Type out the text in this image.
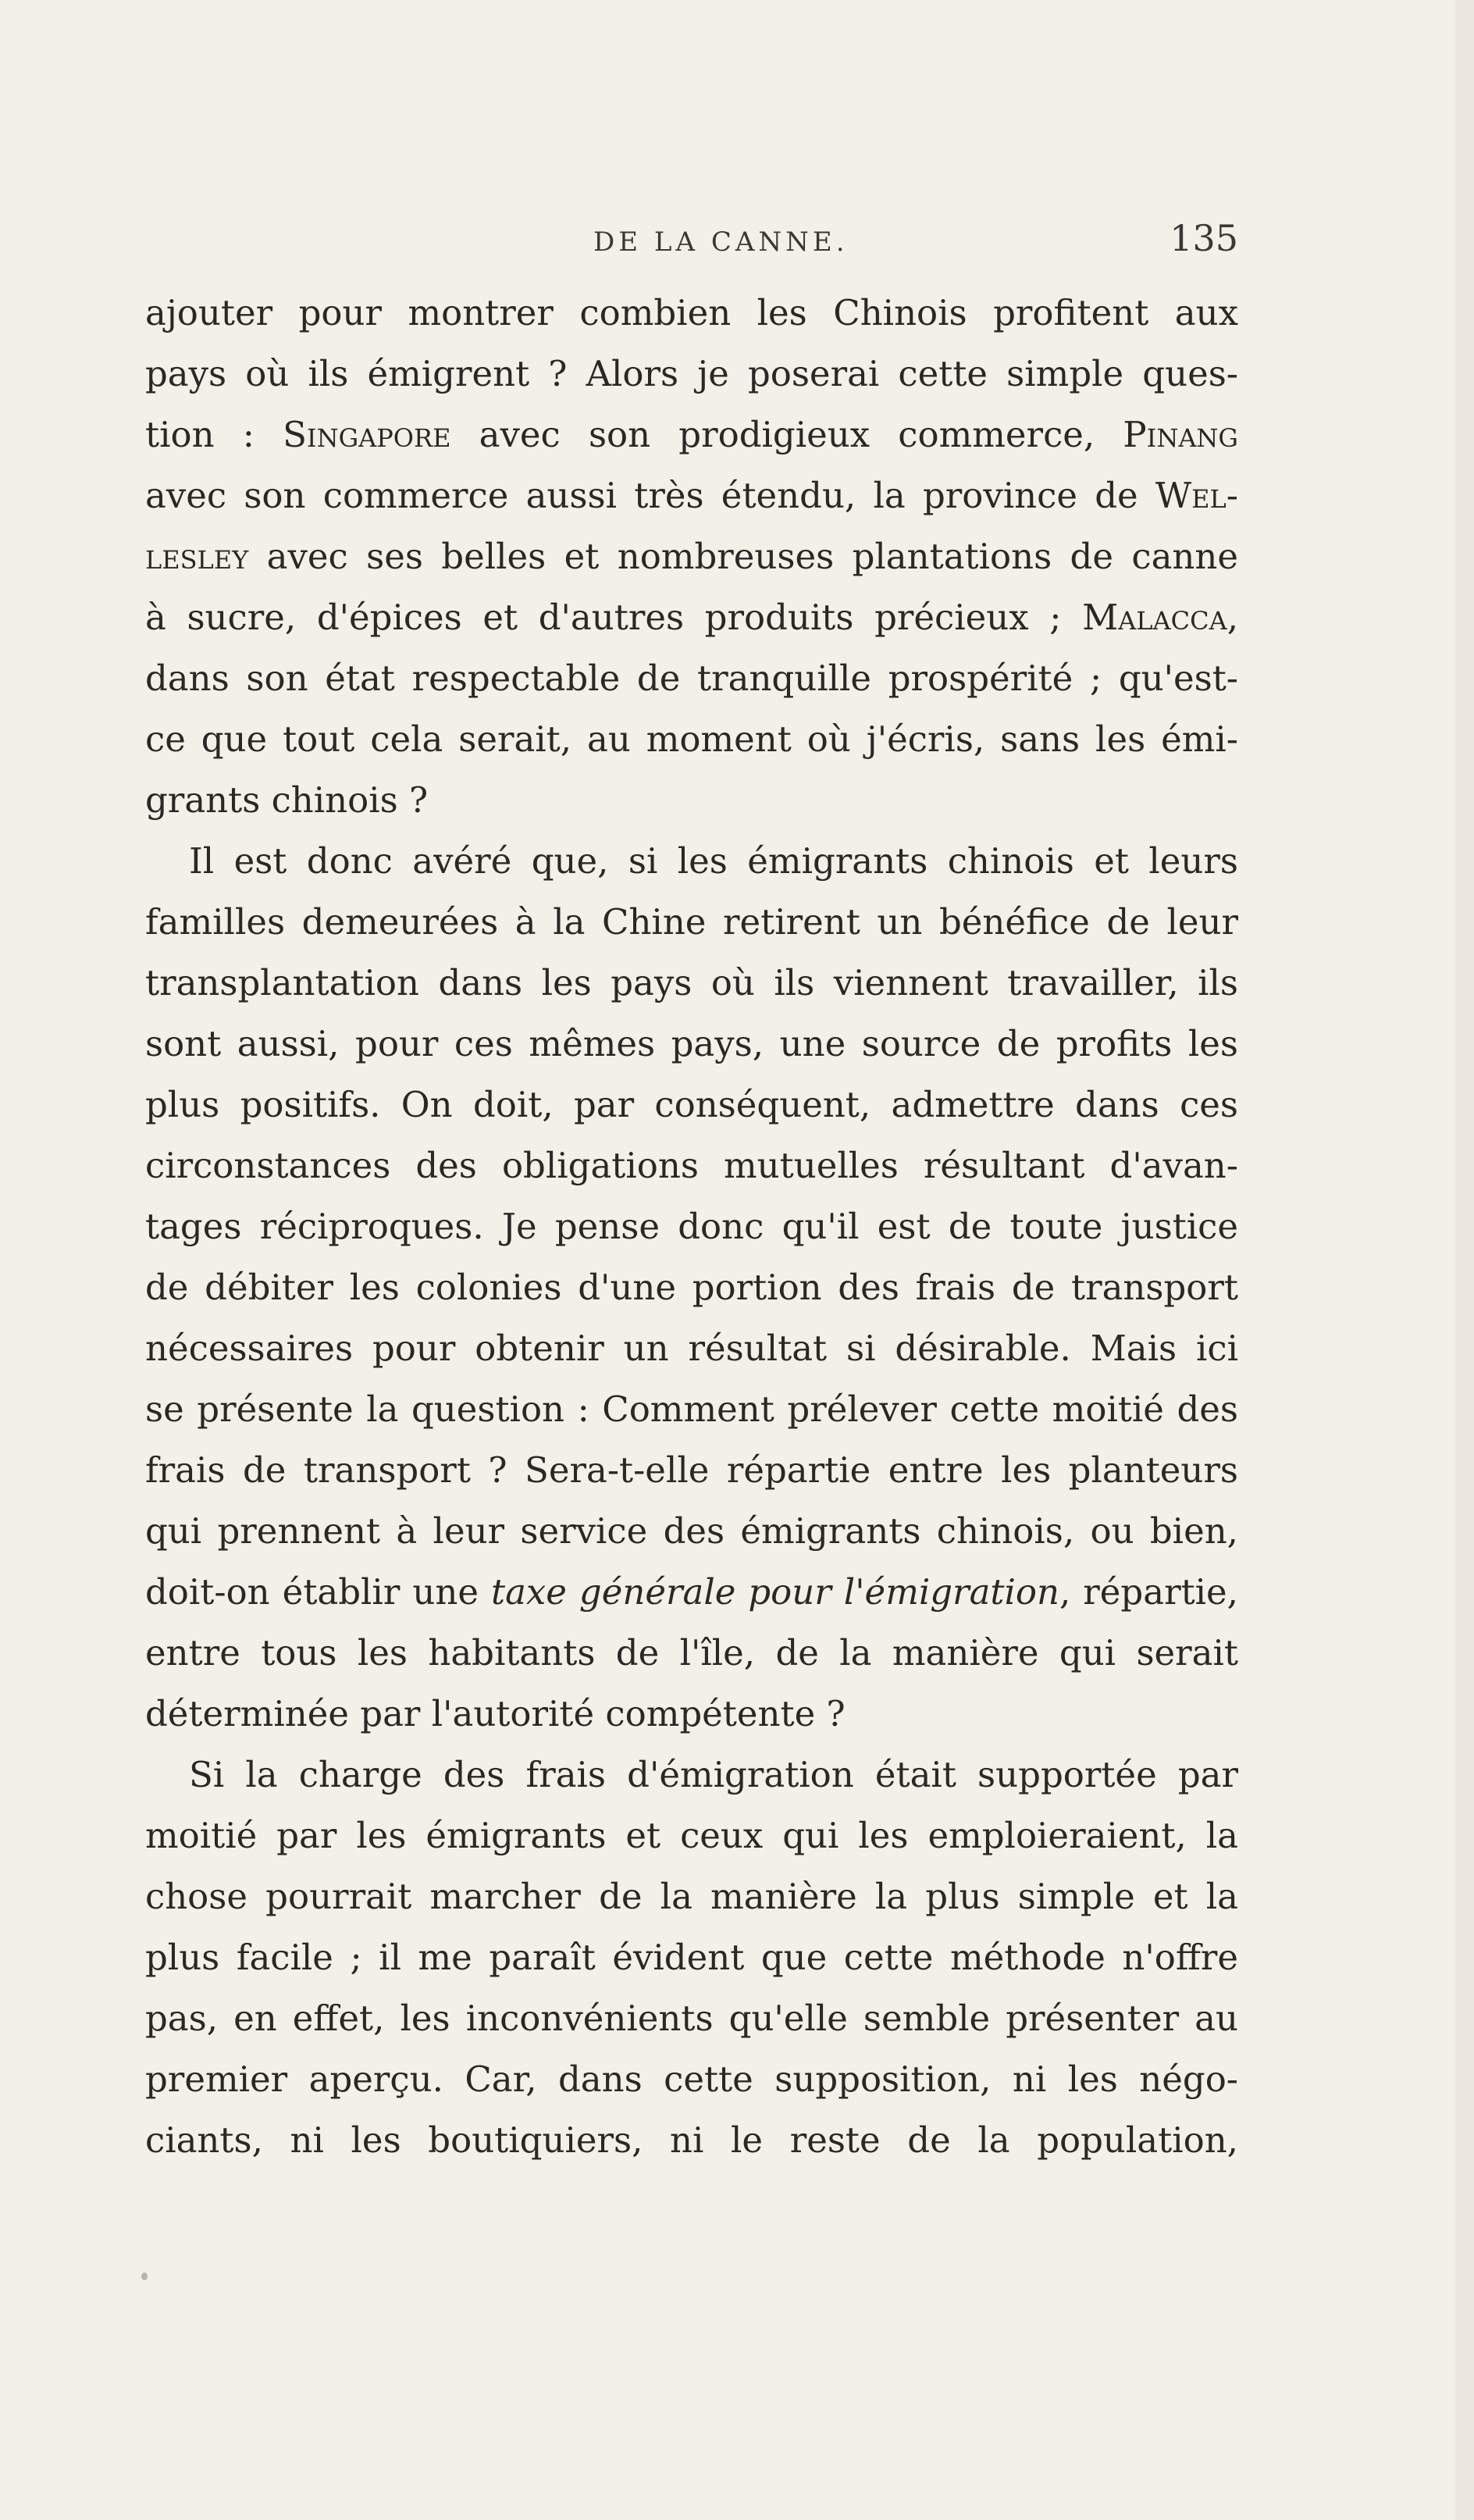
DE LA CANNE.	135
ajouter pour montrer combien les Chinois profitent aux
pays où ils émigrent ? Alors je poserai cette simple ques-
tion : Singapore avec son prodigieux commerce, Pinang
avec son commerce aussi très étendu, la province de Wel-
lesley avec ses belles et nombreuses plantations de canne
à sucre, d'épices et d'autres produits précieux ; Malacca,
dans son état respectable de tranquille prospérité ; qu'est-
ce que tout cela serait, au moment où j'écris, sans les émi-
grants chinois ?
Il est donc avéré que, si les émigrants chinois et leurs
familles demeurées à la Chine retirent un bénéfice de leur
transplantation dans les pays où ils viennent travailler, ils
sont aussi, pour ces mêmes pays, une source de profits les
plus positifs. On doit, par conséquent, admettre dans ces
circonstances des obligations mutuelles résultant d'avan-
tages réciproques. Je pense donc qu'il est de toute justice
de débiter les colonies d'une portion des frais de transport
nécessaires pour obtenir un résultat si désirable. Mais ici
se présente la question : Comment prélever cette moitié des
frais de transport ? Sera-t-elle répartie entre les planteurs
qui prennent à leur service des émigrants chinois, ou bien,
doit-on établir une taxe générale pour l'émigration, répartie,
entre tous les habitants de l'île, de la manière qui serait
déterminée par l'autorité compétente ?
Si la charge des frais d'émigration était supportée par
moitié par les émigrants et ceux qui les emploieraient, la
chose pourrait marcher de la manière la plus simple et la
plus facile ; il me paraît évident que cette méthode n'offre
pas, en effet, les inconvénients qu'elle semble présenter au
premier aperçu. Car, dans cette supposition, ni les négo-
ciants, ni les boutiquiers, ni le reste de la population,
